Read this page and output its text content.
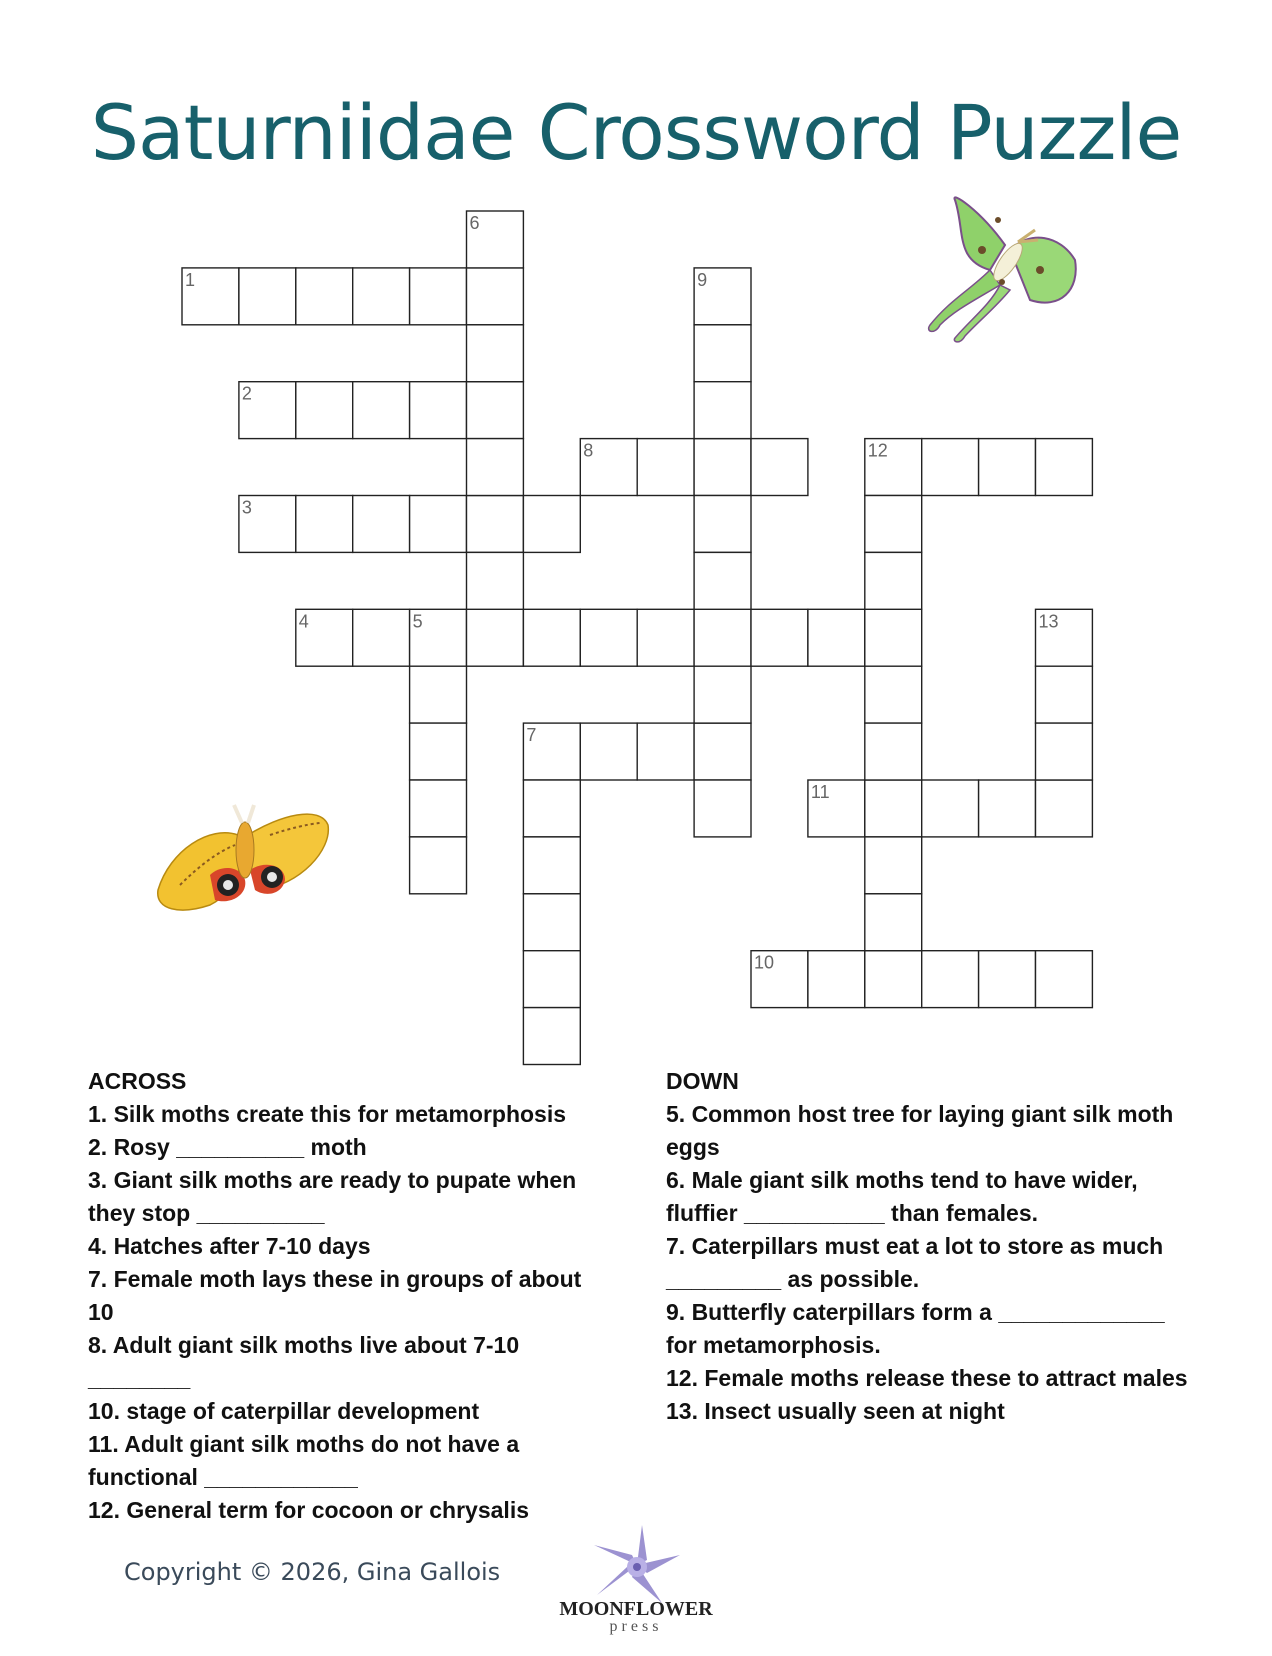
Saturniidae Crossword Puzzle
1
2
3
4	5
6
7
8
9
10
11
12
13
ACROSS
1. Silk moths create this for metamorphosis
2. Rosy __________ moth
3. Giant silk moths are ready to pupate when they stop __________
4. Hatches after 7-10 days
7. Female moth lays these in groups of about 10
8. Adult giant silk moths live about 7-10 ________
10. stage of caterpillar development
11. Adult giant silk moths do not have a functional ____________
12. General term for cocoon or chrysalis
DOWN
5. Common host tree for laying giant silk moth eggs
6. Male giant silk moths tend to have wider, fluffier ___________ than females.
7. Caterpillars must eat a lot to store as much _________ as possible.
9. Butterfly caterpillars form a _____________ for metamorphosis.
12. Female moths release these to attract males
13. Insect usually seen at night
Copyright © 2026, Gina Gallois
MOONFLOWER
press
